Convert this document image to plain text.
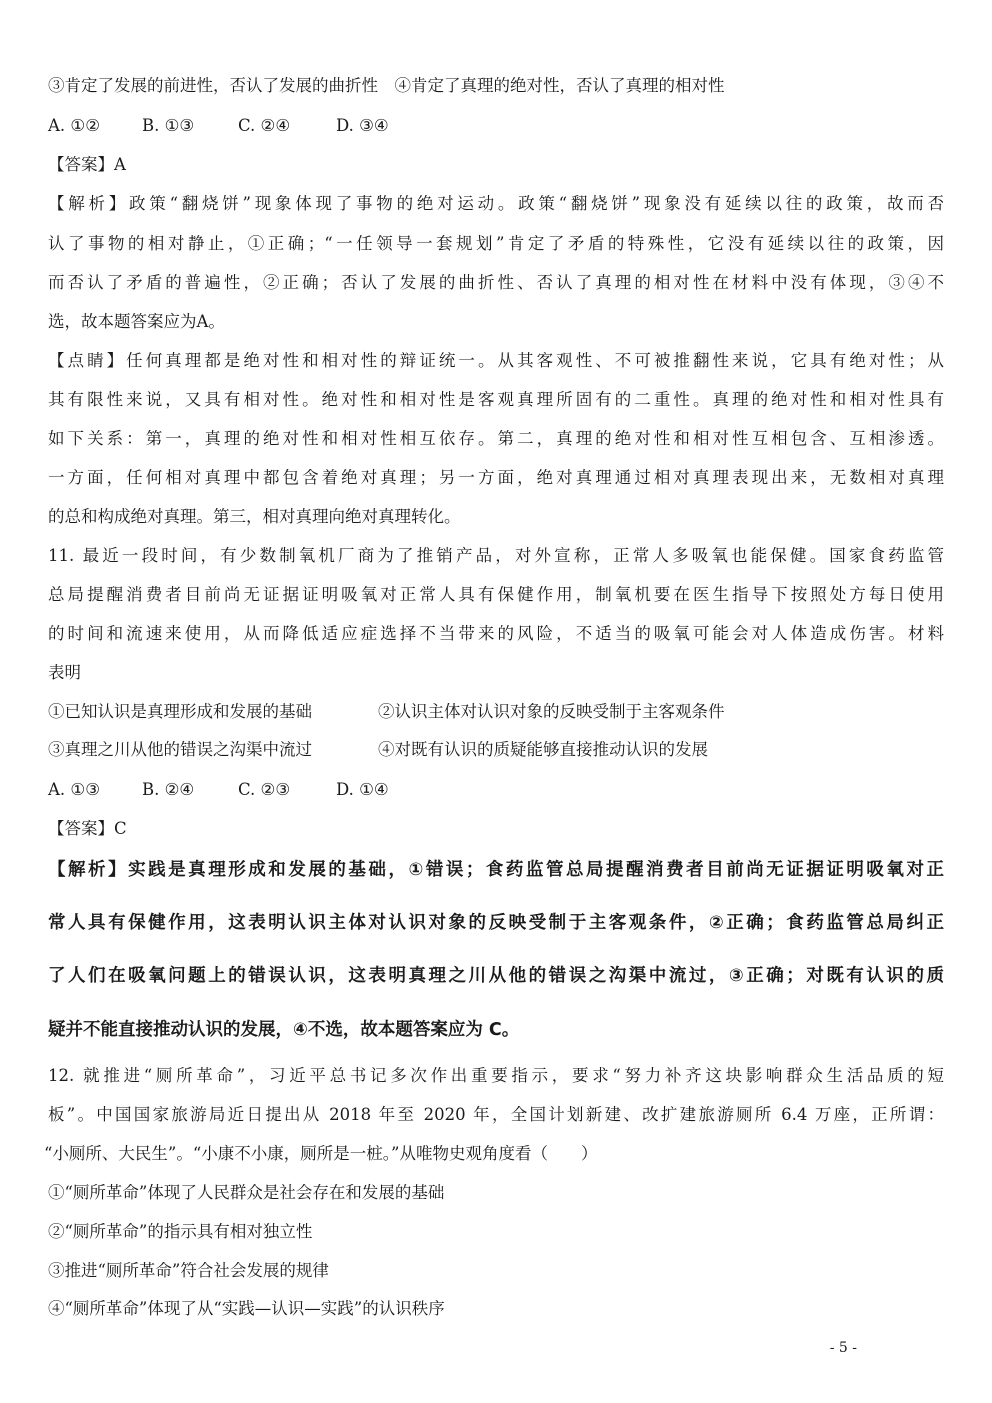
③肯定了发展的前进性，否认了发展的曲折性　④肯定了真理的绝对性，否认了真理的相对性
A. ①②	B. ①③	C. ②④	D. ③④
【答案】A
【解析】政策“翻烧饼”现象体现了事物的绝对运动。政策“翻烧饼”现象没有延续以往的政策，故而否
认了事物的相对静止，①正确；“一任领导一套规划”肯定了矛盾的特殊性，它没有延续以往的政策，因
而否认了矛盾的普遍性，②正确；否认了发展的曲折性、否认了真理的相对性在材料中没有体现，③④不
选，故本题答案应为A。
【点睛】任何真理都是绝对性和相对性的辩证统一。从其客观性、不可被推翻性来说，它具有绝对性；从
其有限性来说，又具有相对性。绝对性和相对性是客观真理所固有的二重性。真理的绝对性和相对性具有
如下关系：第一，真理的绝对性和相对性相互依存。第二，真理的绝对性和相对性互相包含、互相渗透。
一方面，任何相对真理中都包含着绝对真理；另一方面，绝对真理通过相对真理表现出来，无数相对真理
的总和构成绝对真理。第三，相对真理向绝对真理转化。
11. 最近一段时间，有少数制氧机厂商为了推销产品，对外宣称，正常人多吸氧也能保健。国家食药监管
总局提醒消费者目前尚无证据证明吸氧对正常人具有保健作用，制氧机要在医生指导下按照处方每日使用
的时间和流速来使用，从而降低适应症选择不当带来的风险，不适当的吸氧可能会对人体造成伤害。材料
表明
①已知认识是真理形成和发展的基础	②认识主体对认识对象的反映受制于主客观条件
③真理之川从他的错误之沟渠中流过	④对既有认识的质疑能够直接推动认识的发展
A. ①③	B. ②④	C. ②③	D. ①④
【答案】C
【解析】实践是真理形成和发展的基础，①错误；食药监管总局提醒消费者目前尚无证据证明吸氧对正
常人具有保健作用，这表明认识主体对认识对象的反映受制于主客观条件，②正确；食药监管总局纠正
了人们在吸氧问题上的错误认识，这表明真理之川从他的错误之沟渠中流过，③正确；对既有认识的质
疑并不能直接推动认识的发展，④不选，故本题答案应为 C。
12. 就推进“厕所革命”，习近平总书记多次作出重要指示，要求“努力补齐这块影响群众生活品质的短
板”。中国国家旅游局近日提出从 2018 年至 2020 年，全国计划新建、改扩建旅游厕所 6.4 万座，正所谓：
“小厕所、大民生”。“小康不小康，厕所是一桩。”从唯物史观角度看（　　）
①“厕所革命”体现了人民群众是社会存在和发展的基础
②“厕所革命”的指示具有相对独立性
③推进“厕所革命”符合社会发展的规律
④“厕所革命”体现了从“实践—认识—实践”的认识秩序
- 5 -
